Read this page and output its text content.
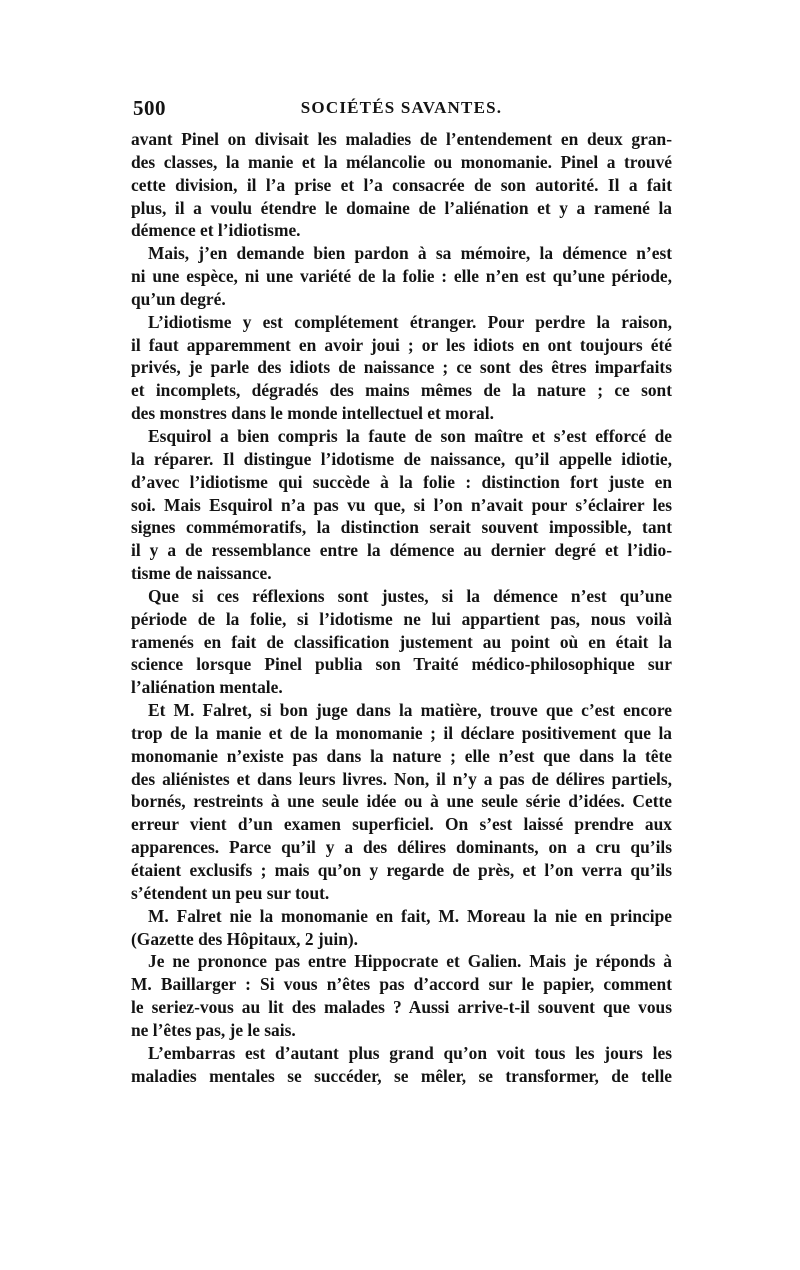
500	SOCIÉTÉS SAVANTES.
avant Pinel on divisait les maladies de l’entendement en deux gran-
des classes, la manie et la mélancolie ou monomanie. Pinel a trouvé
cette division, il l’a prise et l’a consacrée de son autorité. Il a fait
plus, il a voulu étendre le domaine de l’aliénation et y a ramené la
démence et l’idiotisme.
Mais, j’en demande bien pardon à sa mémoire, la démence n’est
ni une espèce, ni une variété de la folie : elle n’en est qu’une période,
qu’un degré.
L’idiotisme y est complétement étranger. Pour perdre la raison,
il faut apparemment en avoir joui ; or les idiots en ont toujours été
privés, je parle des idiots de naissance ; ce sont des êtres imparfaits
et incomplets, dégradés des mains mêmes de la nature ; ce sont
des monstres dans le monde intellectuel et moral.
Esquirol a bien compris la faute de son maître et s’est efforcé de
la réparer. Il distingue l’idotisme de naissance, qu’il appelle idiotie,
d’avec l’idiotisme qui succède à la folie : distinction fort juste en
soi. Mais Esquirol n’a pas vu que, si l’on n’avait pour s’éclairer les
signes commémoratifs, la distinction serait souvent impossible, tant
il y a de ressemblance entre la démence au dernier degré et l’idio-
tisme de naissance.
Que si ces réflexions sont justes, si la démence n’est qu’une
période de la folie, si l’idotisme ne lui appartient pas, nous voilà
ramenés en fait de classification justement au point où en était la
science lorsque Pinel publia son Traité médico-philosophique sur
l’aliénation mentale.
Et M. Falret, si bon juge dans la matière, trouve que c’est encore
trop de la manie et de la monomanie ; il déclare positivement que la
monomanie n’existe pas dans la nature ; elle n’est que dans la tête
des aliénistes et dans leurs livres. Non, il n’y a pas de délires partiels,
bornés, restreints à une seule idée ou à une seule série d’idées. Cette
erreur vient d’un examen superficiel. On s’est laissé prendre aux
apparences. Parce qu’il y a des délires dominants, on a cru qu’ils
étaient exclusifs ; mais qu’on y regarde de près, et l’on verra qu’ils
s’étendent un peu sur tout.
M. Falret nie la monomanie en fait, M. Moreau la nie en principe
(Gazette des Hôpitaux, 2 juin).
Je ne prononce pas entre Hippocrate et Galien. Mais je réponds à
M. Baillarger : Si vous n’êtes pas d’accord sur le papier, comment
le seriez-vous au lit des malades ? Aussi arrive-t-il souvent que vous
ne l’êtes pas, je le sais.
L’embarras est d’autant plus grand qu’on voit tous les jours les
maladies mentales se succéder, se mêler, se transformer, de telle
